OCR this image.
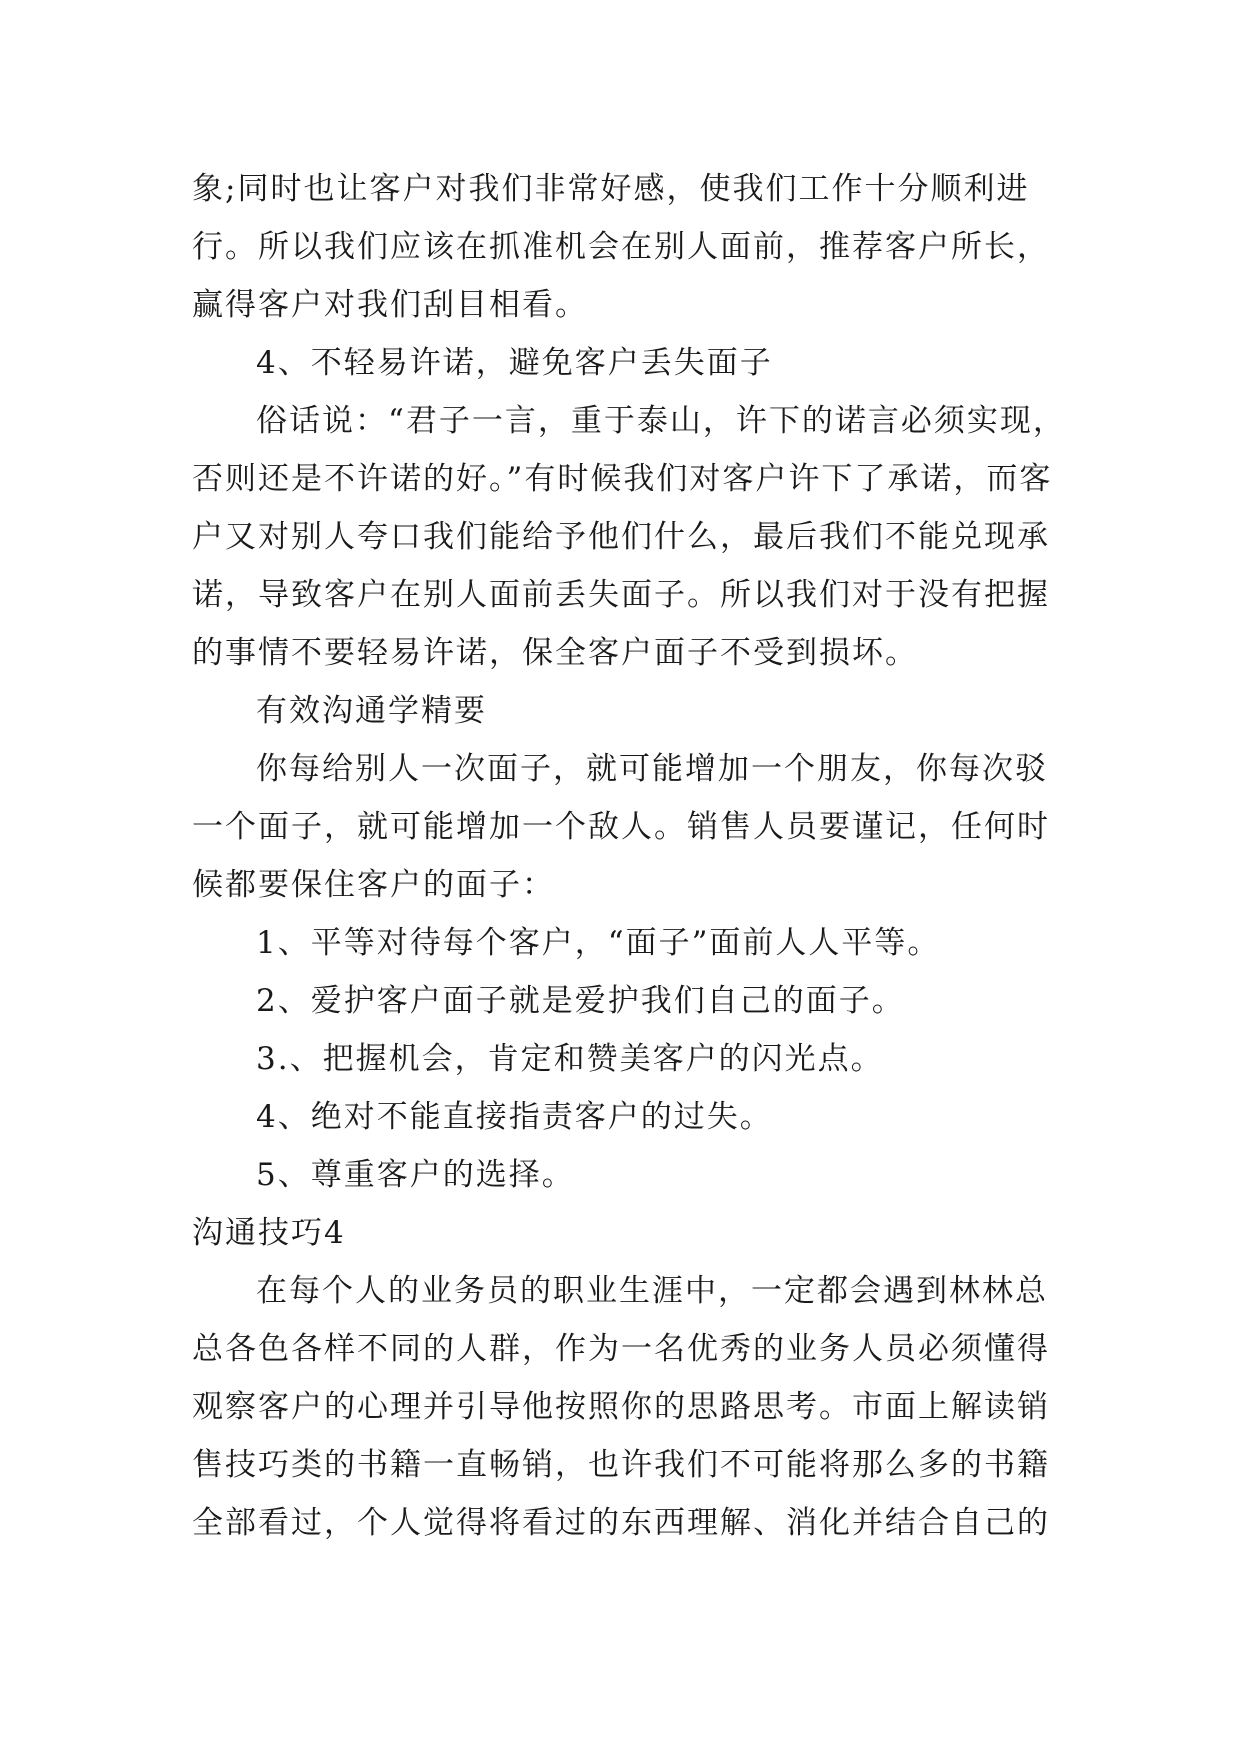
象;同时也让客户对我们非常好感，使我们工作十分顺利进行。所以我们应该在抓准机会在别人面前，推荐客户所长，赢得客户对我们刮目相看。

4、不轻易许诺，避免客户丢失面子

俗话说：“君子一言，重于泰山，许下的诺言必须实现，否则还是不许诺的好。”有时候我们对客户许下了承诺，而客户又对别人夸口我们能给予他们什么，最后我们不能兑现承诺，导致客户在别人面前丢失面子。所以我们对于没有把握的事情不要轻易许诺，保全客户面子不受到损坏。

有效沟通学精要

你每给别人一次面子，就可能增加一个朋友，你每次驳一个面子，就可能增加一个敌人。销售人员要谨记，任何时候都要保住客户的面子：

1、平等对待每个客户，“面子”面前人人平等。

2、爱护客户面子就是爱护我们自己的面子。

3.、把握机会，肯定和赞美客户的闪光点。

4、绝对不能直接指责客户的过失。

5、尊重客户的选择。

沟通技巧4

在每个人的业务员的职业生涯中，一定都会遇到林林总总各色各样不同的人群，作为一名优秀的业务人员必须懂得观察客户的心理并引导他按照你的思路思考。市面上解读销售技巧类的书籍一直畅销，也许我们不可能将那么多的书籍全部看过，个人觉得将看过的东西理解、消化并结合自己的
